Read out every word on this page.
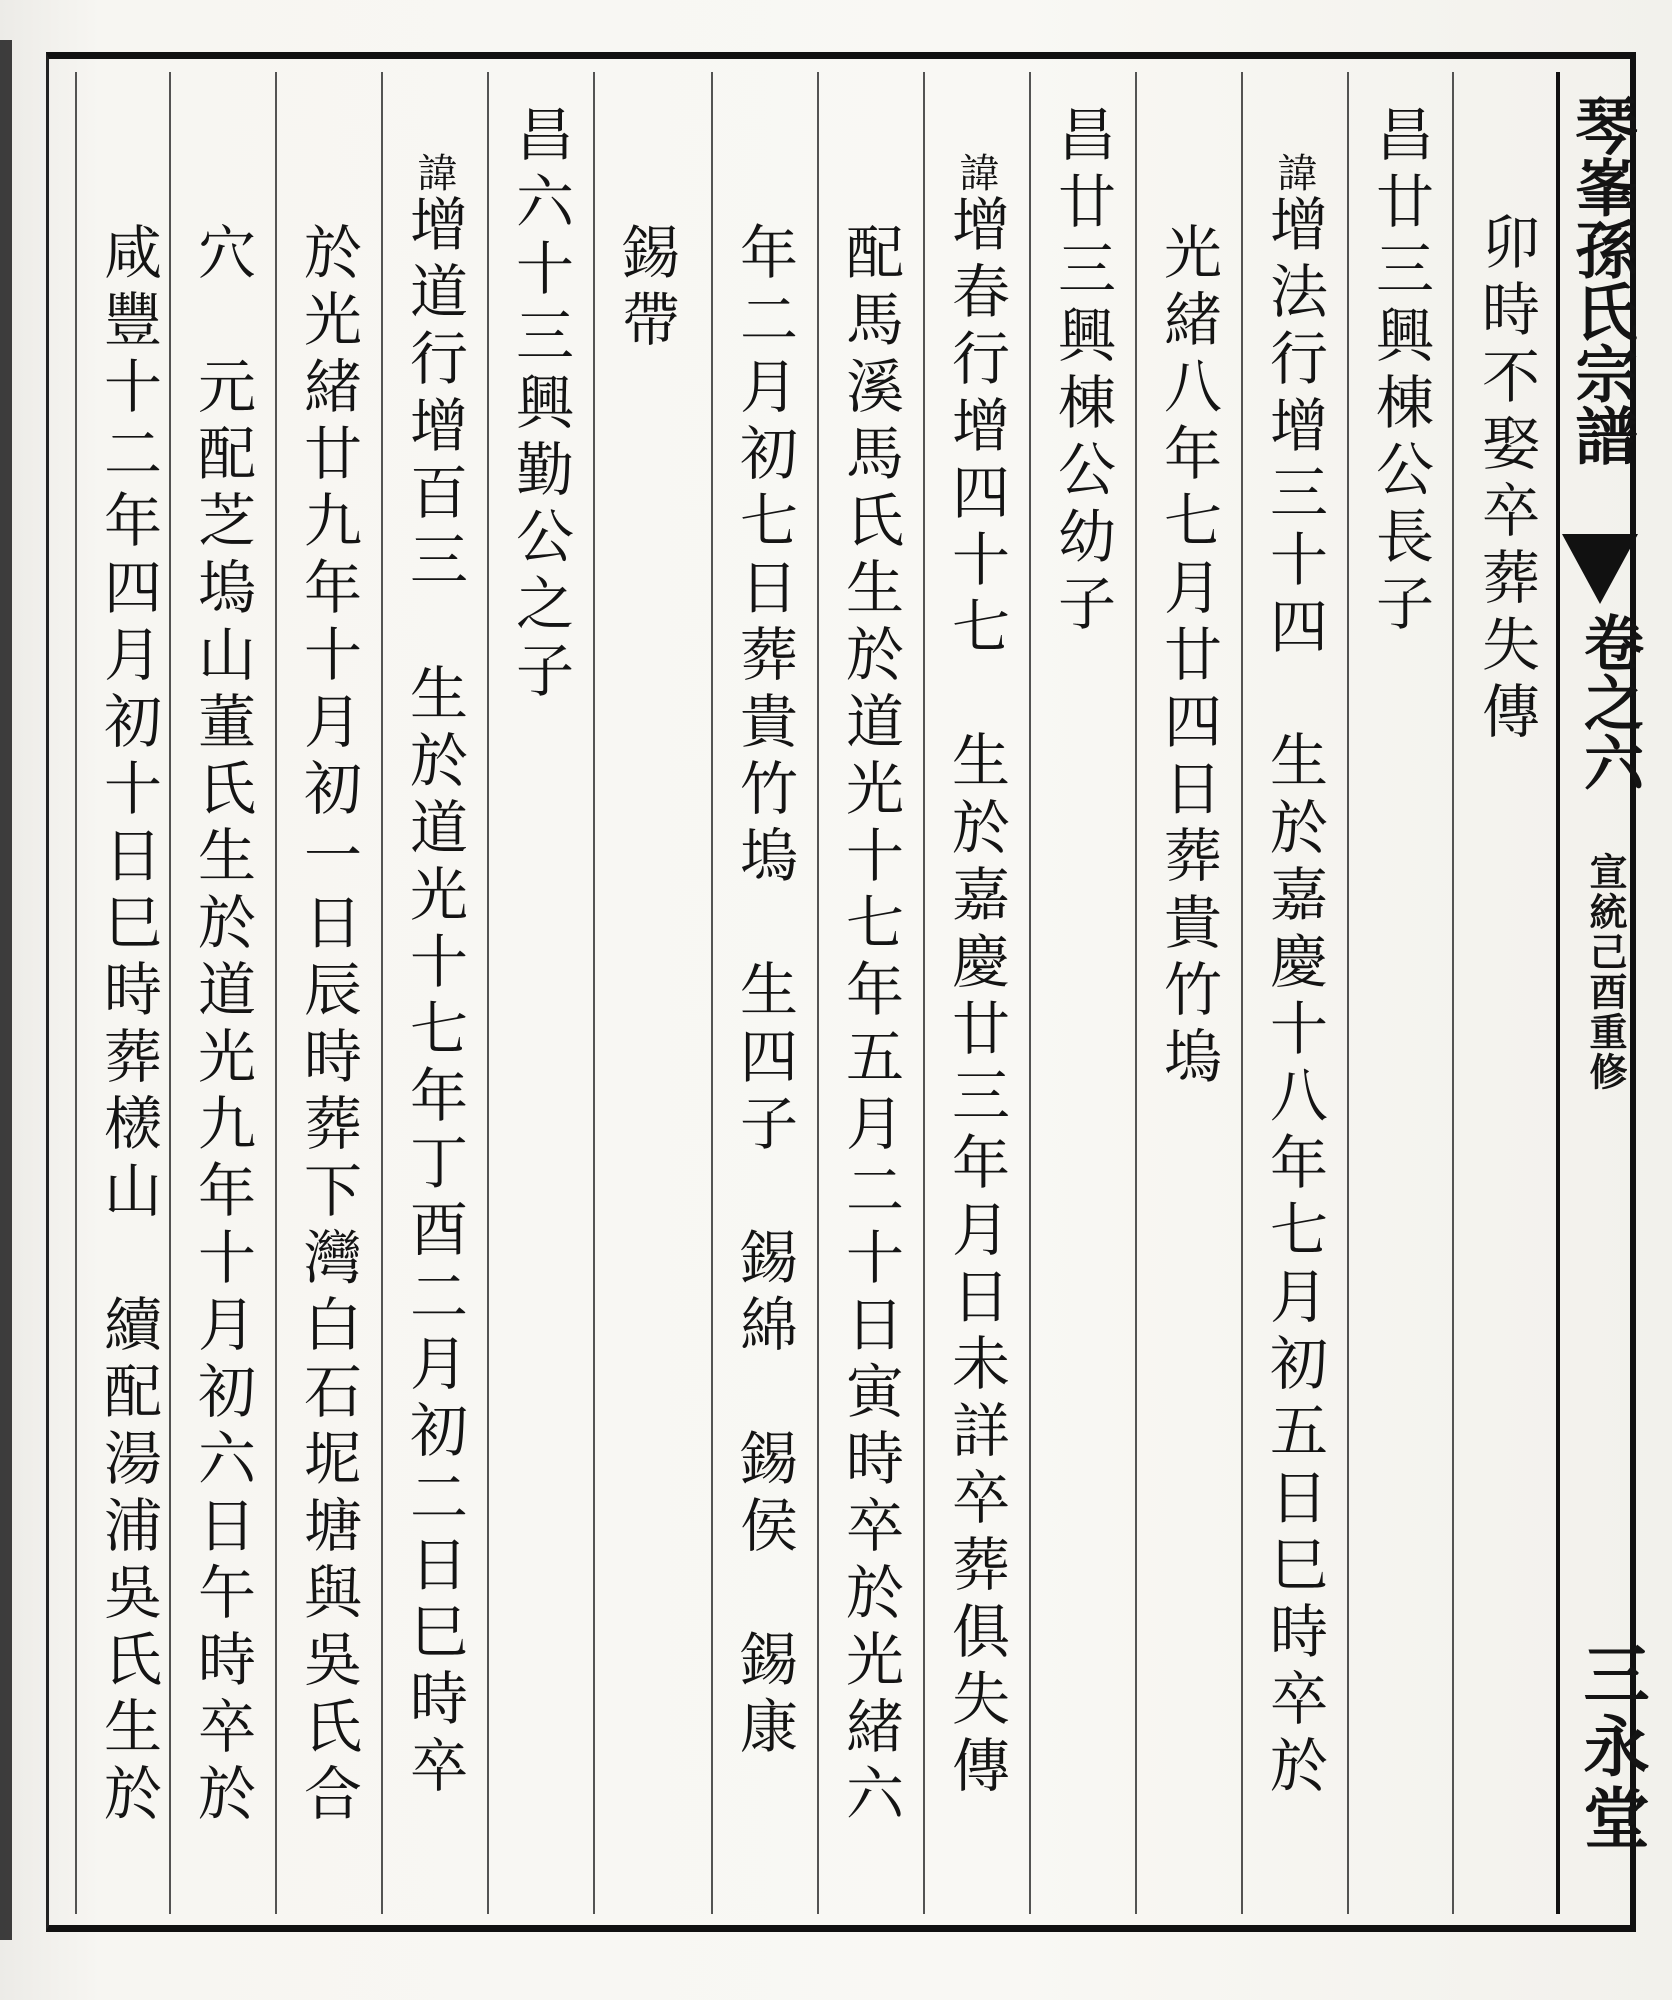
琴峯孫氏宗譜
卷之六
宣統己酉重修
三永堂
卯時不娶卒葬失傳
昌廿三興棟公長子
諱增法行增三十四　生於嘉慶十八年七月初五日巳時卒於
光緒八年七月廿四日葬貴竹塢
昌廿三興棟公幼子
諱增春行增四十七　生於嘉慶廿三年月日未詳卒葬俱失傳
配馬溪馬氏生於道光十七年五月二十日寅時卒於光緒六
年二月初七日葬貴竹塢　生四子　錫綿　錫侯　錫康
錫帶
昌六十三興勤公之子
諱增道行增百三　生於道光十七年丁酉二月初二日巳時卒
於光緒廿九年十月初一日辰時葬下灣白石坭塘與吳氏合
穴　元配芝塢山董氏生於道光九年十月初六日午時卒於
咸豐十二年四月初十日巳時葬檨山　續配湯浦吳氏生於
